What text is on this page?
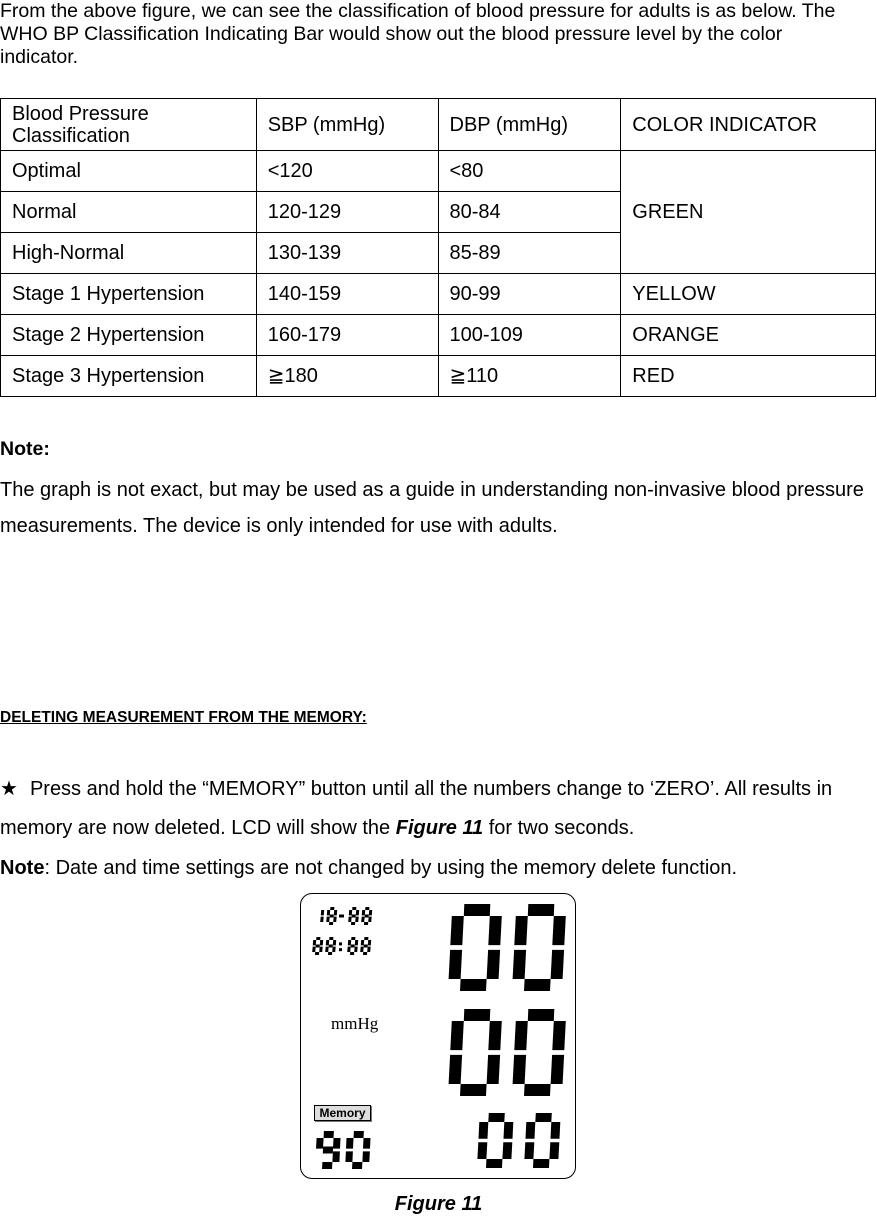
From the above figure, we can see the classification of blood pressure for adults is as below. The WHO BP Classification Indicating Bar would show out the blood pressure level by the color indicator.

Blood Pressure Classification	SBP (mmHg)	DBP (mmHg)	COLOR INDICATOR
Optimal	<120	<80	GREEN
Normal	120-129	80-84	
High-Normal	130-139	85-89	
Stage 1 Hypertension	140-159	90-99	YELLOW
Stage 2 Hypertension	160-179	100-109	ORANGE
Stage 3 Hypertension	≧180	≧110	RED

Note:

The graph is not exact, but may be used as a guide in understanding non-invasive blood pressure measurements. The device is only intended for use with adults.

DELETING MEASUREMENT FROM THE MEMORY:

★ Press and hold the “MEMORY” button until all the numbers change to ‘ZERO’. All results in memory are now deleted. LCD will show the Figure 11 for two seconds.

Note: Date and time settings are not changed by using the memory delete function.

mmHg
Memory

Figure 11
